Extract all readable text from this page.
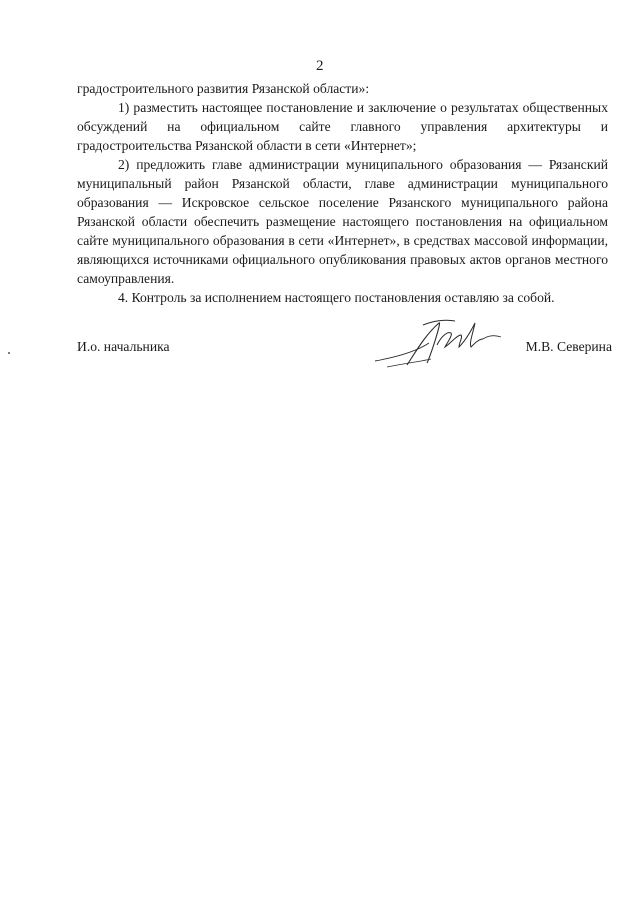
2

градостроительного развития Рязанской области»:

1) разместить настоящее постановление и заключение о результатах общественных обсуждений на официальном сайте главного управления архитектуры и градостроительства Рязанской области в сети «Интернет»;

2) предложить главе администрации муниципального образования — Рязанский муниципальный район Рязанской области, главе администрации муниципального образования — Искровское сельское поселение Рязанского муниципального района Рязанской области обеспечить размещение настоящего постановления на официальном сайте муниципального образования в сети «Интернет», в средствах массовой информации, являющихся источниками официального опубликования правовых актов органов местного самоуправления.

4. Контроль за исполнением настоящего постановления оставляю за собой.

И.о. начальника	М.В. Северина
